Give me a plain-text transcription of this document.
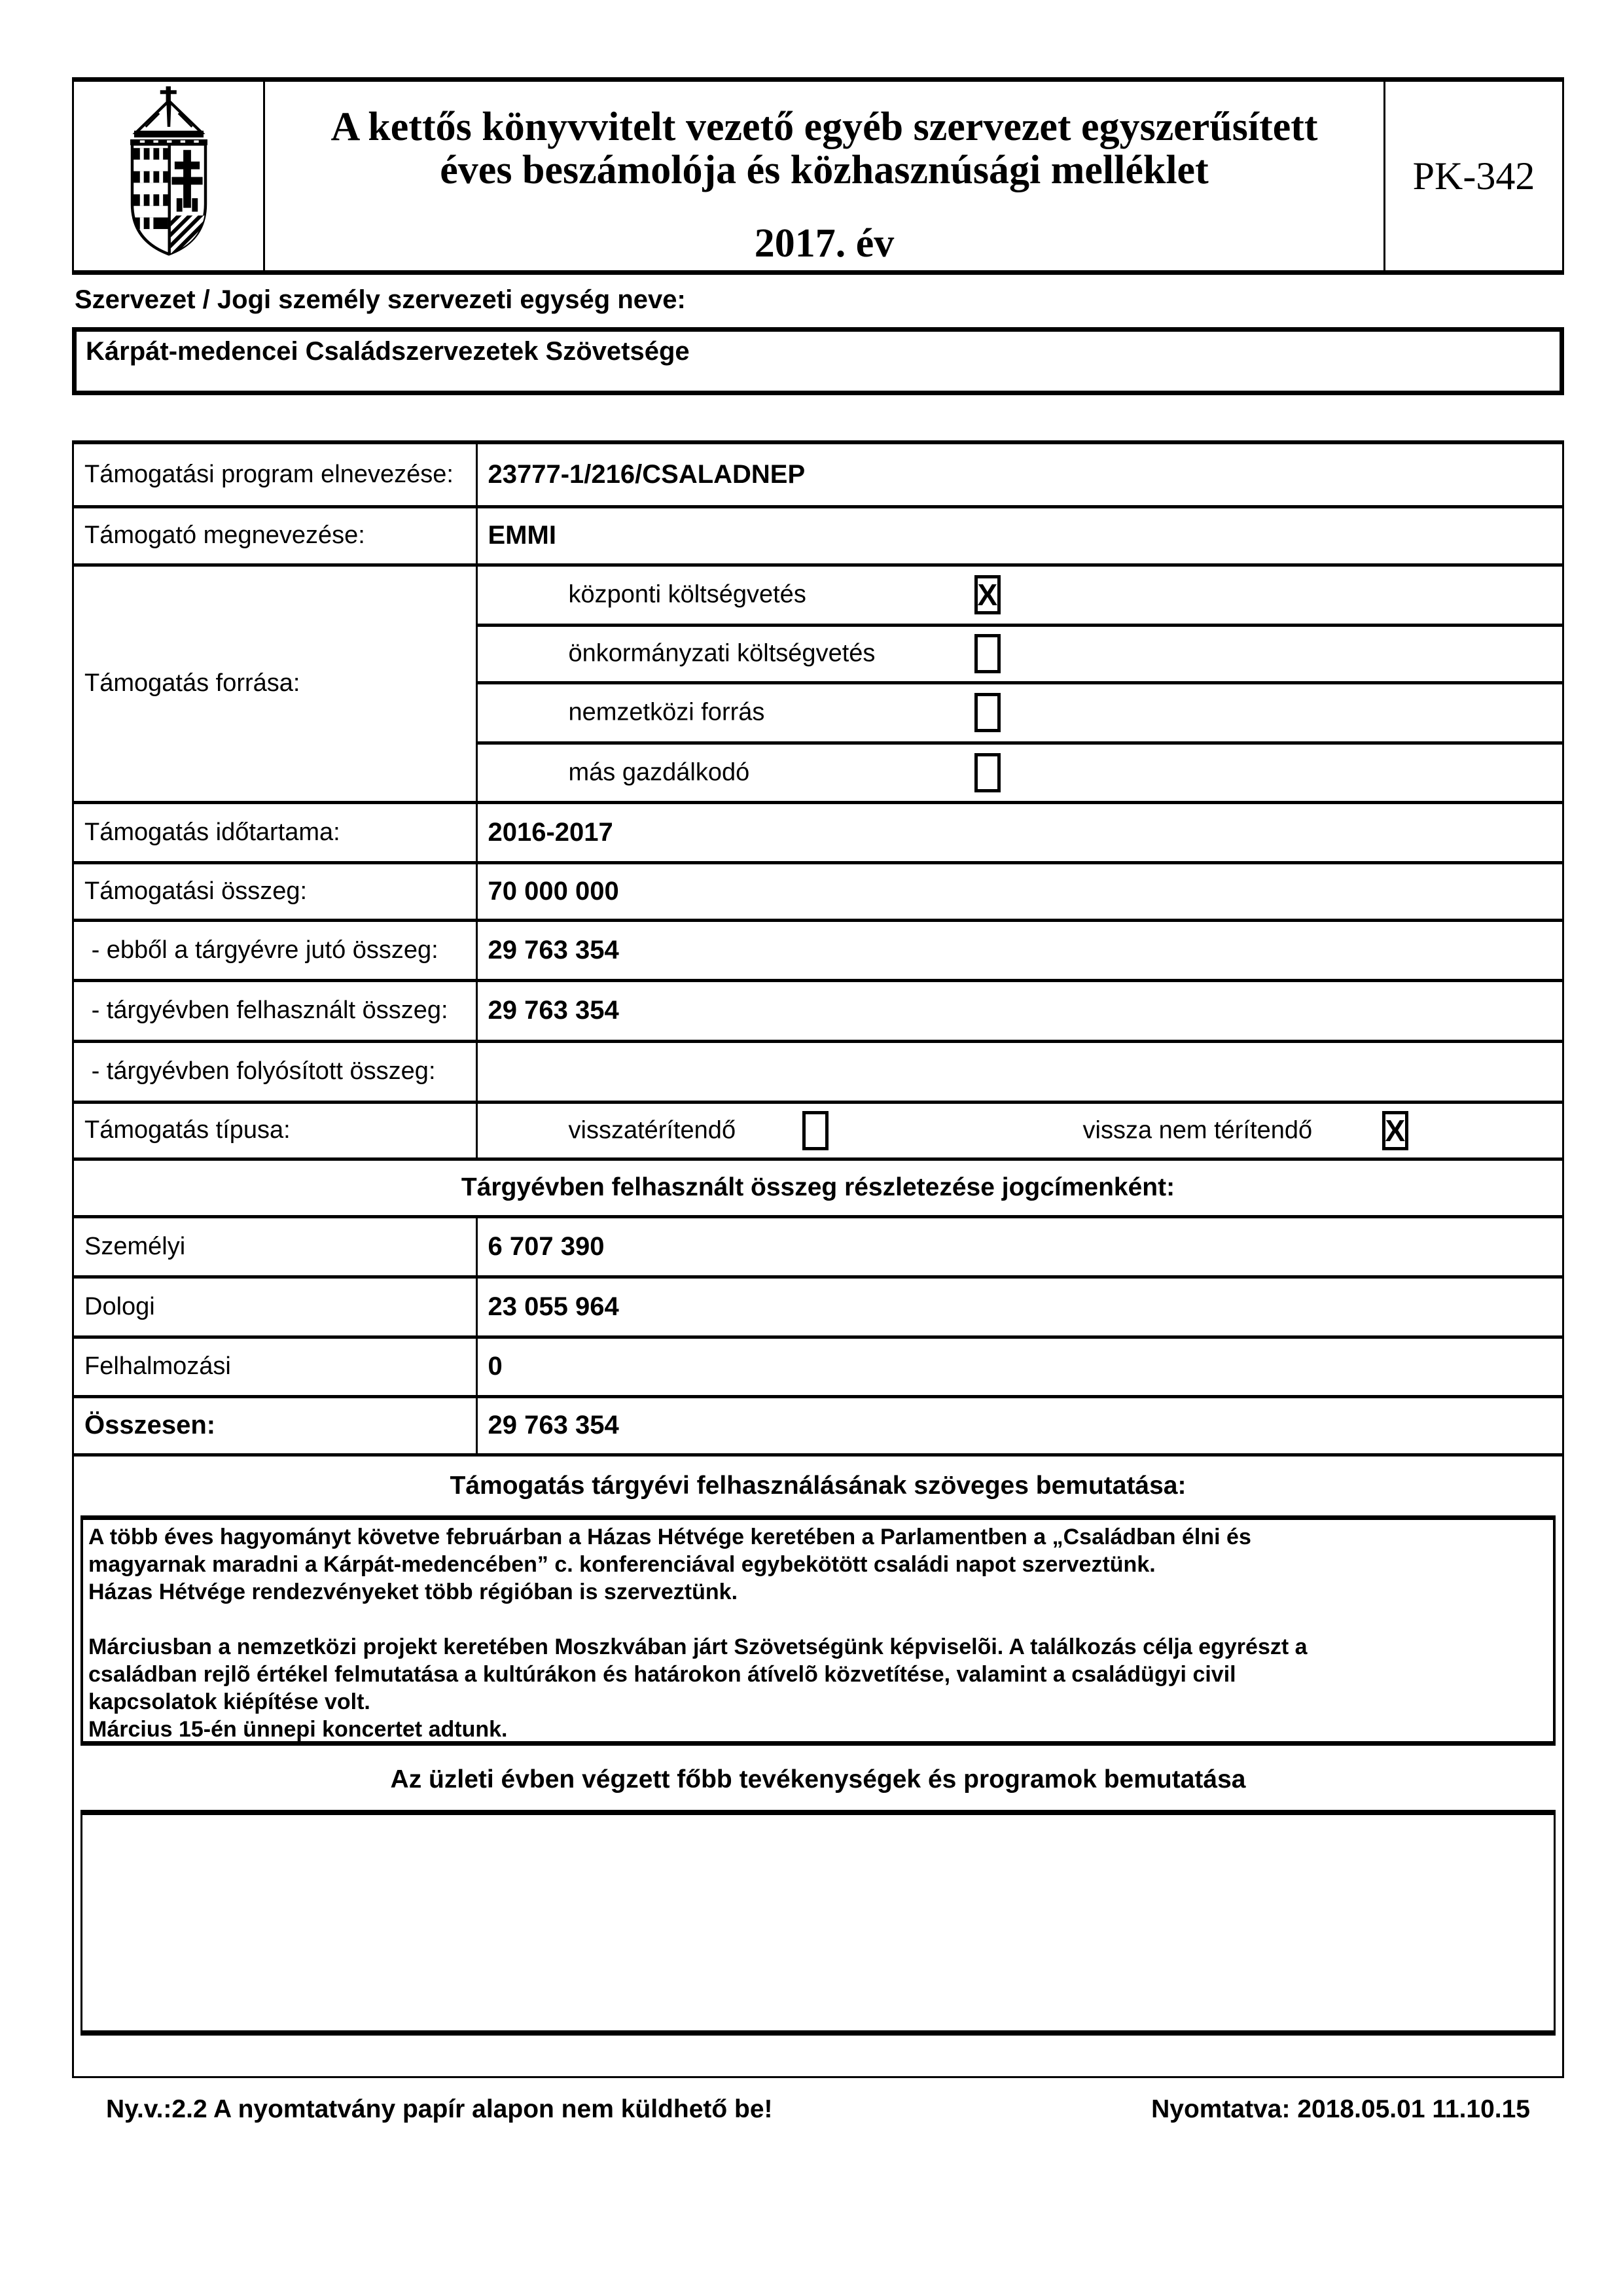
A kettős könyvvitelt vezető egyéb szervezet egyszerűsített
éves beszámolója és közhasznúsági melléklet
2017. év
PK-342
Szervezet / Jogi személy szervezeti egység neve:
Kárpát-medencei Családszervezetek Szövetsége
Támogatási program elnevezése:	23777-1/216/CSALADNEP
Támogató megnevezése:	EMMI
Támogatás forrása:	központi költségvetés X

	önkormányzati költségvetés

	nemzetközi forrás

	más gazdálkodó

Támogatás időtartama:	2016-2017
Támogatási összeg:	70 000 000
- ebből a tárgyévre jutó összeg:	29 763 354
- tárgyévben felhasznált összeg:	29 763 354
- tárgyévben folyósított összeg:	
Támogatás típusa:	visszatérítendő vissza nem térítendő X

Tárgyévben felhasznált összeg részletezése jogcímenként:	
Személyi	6 707 390
Dologi	23 055 964
Felhalmozási	0
Összesen:	29 763 354
Támogatás tárgyévi felhasználásának szöveges bemutatása:	

A több éves hagyományt követve februárban a Házas Hétvége keretében a Parlamentben a „Családban élni és
magyarnak maradni a Kárpát-medencében” c. konferenciával egybekötött családi napot szerveztünk.
Házas Hétvége rendezvényeket több régióban is szerveztünk.
Márciusban a nemzetközi projekt keretében Moszkvában járt Szövetségünk képviselõi. A találkozás célja egyrészt a
családban rejlõ értékel felmutatása a kultúrákon és határokon átívelõ közvetítése, valamint a családügyi civil
kapcsolatok kiépítése volt.
Március 15-én ünnepi koncertet adtunk.

Az üzleti évben végzett főbb tevékenységek és programok bemutatása	

Ny.v.:2.2 A nyomtatvány papír alapon nem küldhető be!	Nyomtatva: 2018.05.01 11.10.15
